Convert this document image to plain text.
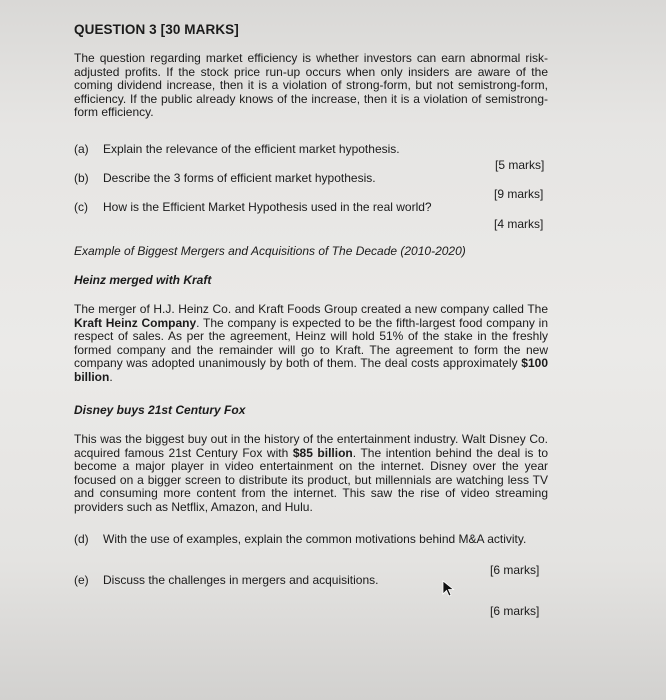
QUESTION 3 [30 MARKS]
The question regarding market efficiency is whether investors can earn abnormal risk-adjusted profits. If the stock price run-up occurs when only insiders are aware of the coming dividend increase, then it is a violation of strong-form, but not semistrong-form, efficiency. If the public already knows of the increase, then it is a violation of semistrong-form efficiency.
(a) Explain the relevance of the efficient market hypothesis.
[5 marks]
(b) Describe the 3 forms of efficient market hypothesis.
[9 marks]
(c) How is the Efficient Market Hypothesis used in the real world?
[4 marks]
Example of Biggest Mergers and Acquisitions of The Decade (2010-2020)
Heinz merged with Kraft
The merger of H.J. Heinz Co. and Kraft Foods Group created a new company called The Kraft Heinz Company. The company is expected to be the fifth-largest food company in respect of sales. As per the agreement, Heinz will hold 51% of the stake in the freshly formed company and the remainder will go to Kraft. The agreement to form the new company was adopted unanimously by both of them. The deal costs approximately $100 billion.
Disney buys 21st Century Fox
This was the biggest buy out in the history of the entertainment industry. Walt Disney Co. acquired famous 21st Century Fox with $85 billion. The intention behind the deal is to become a major player in video entertainment on the internet. Disney over the year focused on a bigger screen to distribute its product, but millennials are watching less TV and consuming more content from the internet. This saw the rise of video streaming providers such as Netflix, Amazon, and Hulu.
(d) With the use of examples, explain the common motivations behind M&A activity.
[6 marks]
(e) Discuss the challenges in mergers and acquisitions.
[6 marks]
